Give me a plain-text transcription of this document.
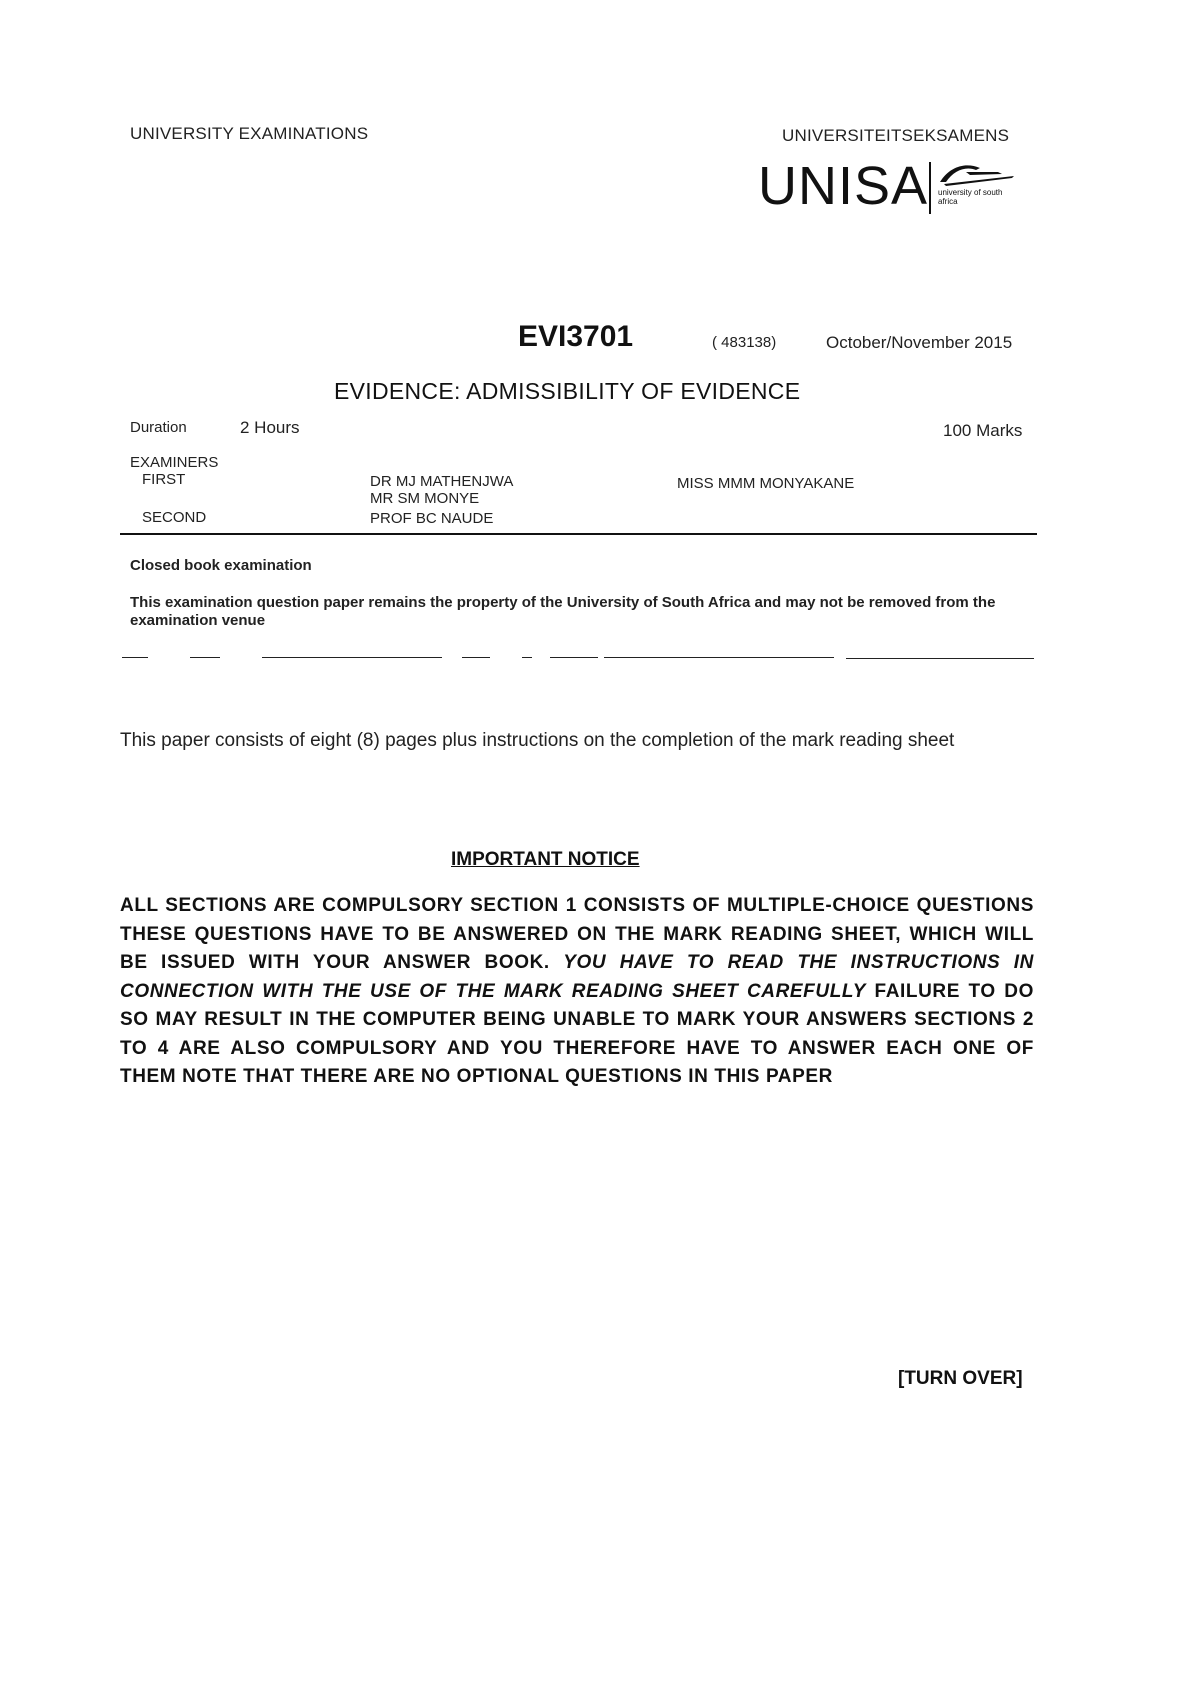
UNIVERSITY EXAMINATIONS	UNIVERSITEITSEKSAMENS
UNISA university of south africa
EVI3701	( 483138)	October/November 2015
EVIDENCE: ADMISSIBILITY OF EVIDENCE
Duration	2 Hours	100 Marks
EXAMINERS
FIRST	DR MJ MATHENJWA
MR SM MONYE
MISS MMM MONYAKANE
SECOND	PROF BC NAUDE
Closed book examination
This examination question paper remains the property of the University of South Africa and may not be removed from the examination venue
This paper consists of eight (8) pages plus instructions on the completion of the mark reading sheet
IMPORTANT NOTICE
ALL SECTIONS ARE COMPULSORY SECTION 1 CONSISTS OF MULTIPLE-CHOICE QUESTIONS THESE QUESTIONS HAVE TO BE ANSWERED ON THE MARK READING SHEET, WHICH WILL BE ISSUED WITH YOUR ANSWER BOOK. YOU HAVE TO READ THE INSTRUCTIONS IN CONNECTION WITH THE USE OF THE MARK READING SHEET CAREFULLY FAILURE TO DO SO MAY RESULT IN THE COMPUTER BEING UNABLE TO MARK YOUR ANSWERS SECTIONS 2 TO 4 ARE ALSO COMPULSORY AND YOU THEREFORE HAVE TO ANSWER EACH ONE OF THEM NOTE THAT THERE ARE NO OPTIONAL QUESTIONS IN THIS PAPER
[TURN OVER]
